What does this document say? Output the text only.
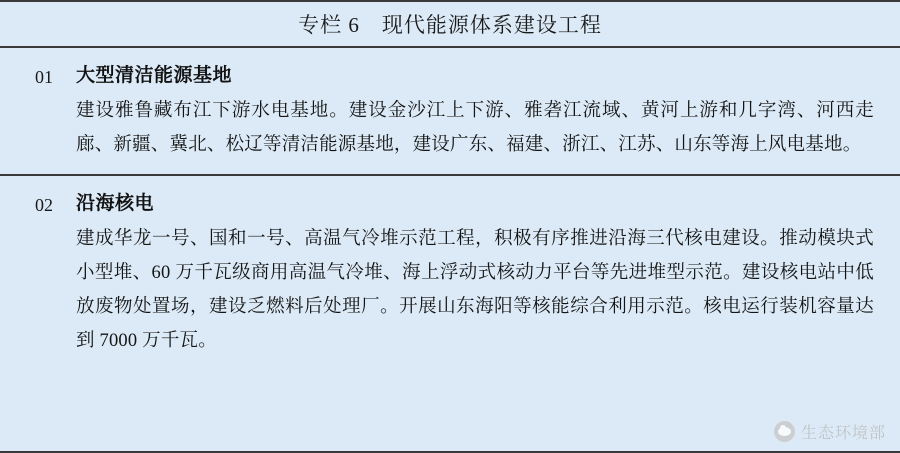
专栏 6　现代能源体系建设工程
01	大型清洁能源基地
建设雅鲁藏布江下游水电基地。建设金沙江上下游、雅砻江流域、黄河上游和几字湾、河西走廊、新疆、冀北、松辽等清洁能源基地，建设广东、福建、浙江、江苏、山东等海上风电基地。
02	沿海核电
建成华龙一号、国和一号、高温气冷堆示范工程，积极有序推进沿海三代核电建设。推动模块式小型堆、60 万千瓦级商用高温气冷堆、海上浮动式核动力平台等先进堆型示范。建设核电站中低放废物处置场，建设乏燃料后处理厂。开展山东海阳等核能综合利用示范。核电运行装机容量达到 7000 万千瓦。
生态环境部
